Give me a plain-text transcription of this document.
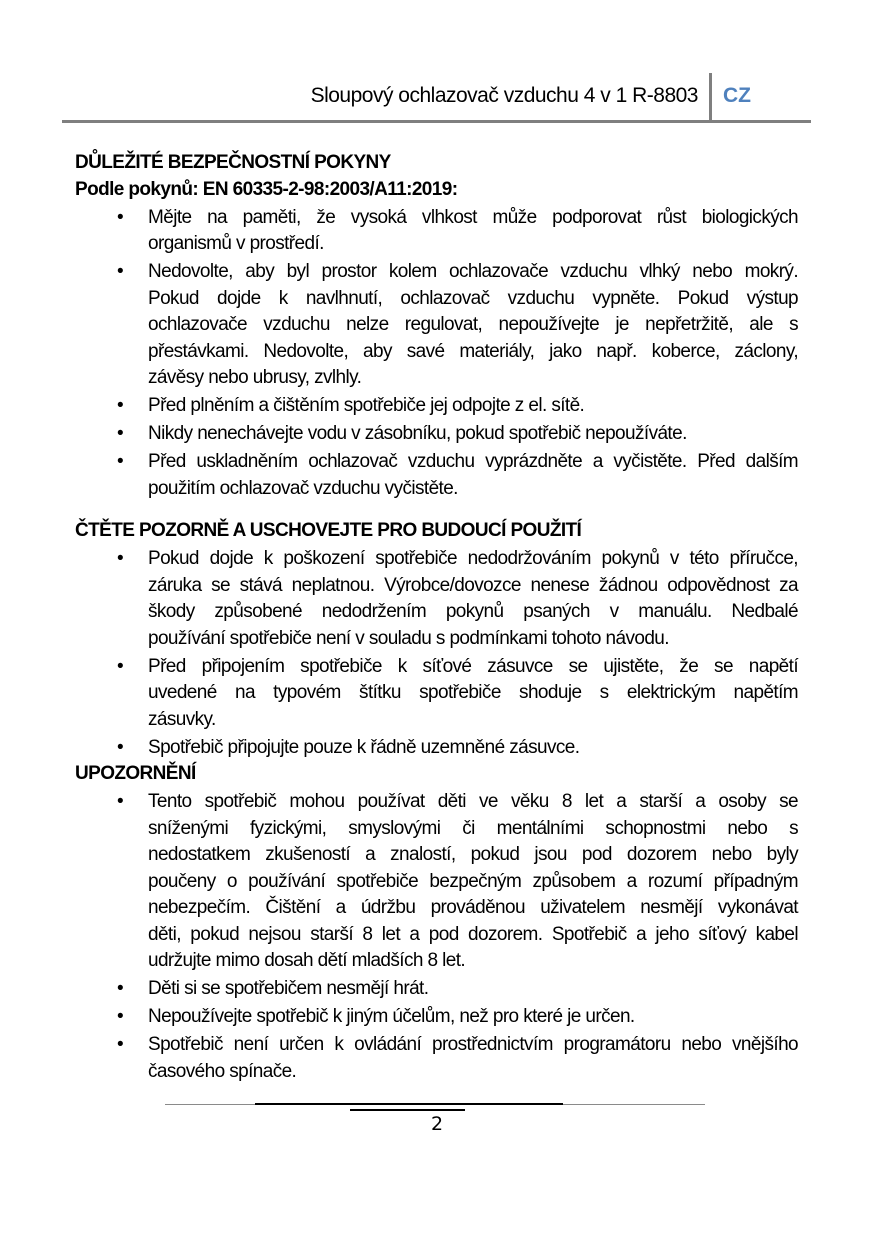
Sloupový ochlazovač vzduchu 4 v 1 R-8803 CZ
DŮLEŽITÉ BEZPEČNOSTNÍ POKYNY
Podle pokynů: EN 60335-2-98:2003/A11:2019:
• Mějte na paměti, že vysoká vlhkost může podporovat růst biologických
organismů v prostředí.
• Nedovolte, aby byl prostor kolem ochlazovače vzduchu vlhký nebo mokrý.
Pokud dojde k navlhnutí, ochlazovač vzduchu vypněte. Pokud výstup
ochlazovače vzduchu nelze regulovat, nepoužívejte je nepřetržitě, ale s
přestávkami. Nedovolte, aby savé materiály, jako např. koberce, záclony,
závěsy nebo ubrusy, zvlhly.
• Před plněním a čištěním spotřebiče jej odpojte z el. sítě.
• Nikdy nenechávejte vodu v zásobníku, pokud spotřebič nepoužíváte.
• Před uskladněním ochlazovač vzduchu vyprázdněte a vyčistěte. Před dalším
použitím ochlazovač vzduchu vyčistěte.
ČTĚTE POZORNĚ A USCHOVEJTE PRO BUDOUCÍ POUŽITÍ
• Pokud dojde k poškození spotřebiče nedodržováním pokynů v této příručce,
záruka se stává neplatnou. Výrobce/dovozce nenese žádnou odpovědnost za
škody způsobené nedodržením pokynů psaných v manuálu. Nedbalé
používání spotřebiče není v souladu s podmínkami tohoto návodu.
• Před připojením spotřebiče k síťové zásuvce se ujistěte, že se napětí
uvedené na typovém štítku spotřebiče shoduje s elektrickým napětím
zásuvky.
• Spotřebič připojujte pouze k řádně uzemněné zásuvce.
UPOZORNĚNÍ
• Tento spotřebič mohou používat děti ve věku 8 let a starší a osoby se
sníženými fyzickými, smyslovými či mentálními schopnostmi nebo s
nedostatkem zkušeností a znalostí, pokud jsou pod dozorem nebo byly
poučeny o používání spotřebiče bezpečným způsobem a rozumí případným
nebezpečím. Čištění a údržbu prováděnou uživatelem nesmějí vykonávat
děti, pokud nejsou starší 8 let a pod dozorem. Spotřebič a jeho síťový kabel
udržujte mimo dosah dětí mladších 8 let.
• Děti si se spotřebičem nesmějí hrát.
• Nepoužívejte spotřebič k jiným účelům, než pro které je určen.
• Spotřebič není určen k ovládání prostřednictvím programátoru nebo vnějšího
časového spínače.
2
